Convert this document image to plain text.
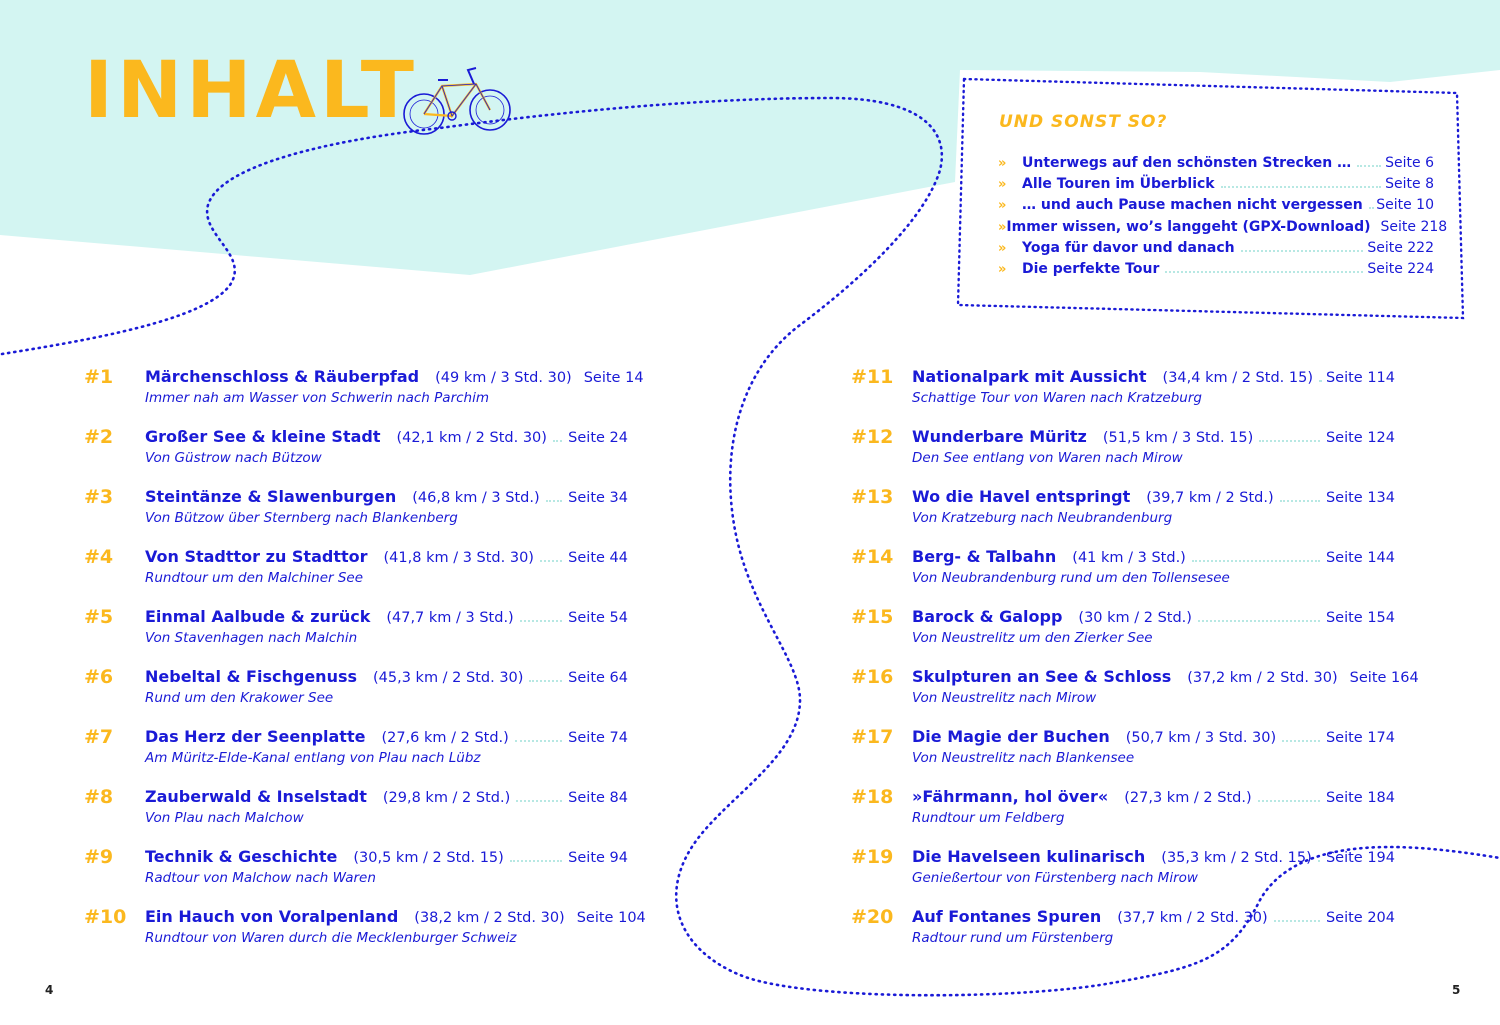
INHALT	UND SONST SO?
»	Unterwegs auf den schönsten Strecken … Seite 6
»	Alle Touren im Überblick	Seite 8
»	… und auch Pause machen nicht vergessen Seite 10
» Immer wissen, wo’s langgeht (GPX-Download) Seite 218
»	Yoga für davor und danach	Seite 222
»	Die perfekte Tour	Seite 224
#1 Märchenschloss & Räuberpfad (49 km / 3 Std. 30) Seite 14
Immer nah am Wasser von Schwerin nach Parchim
#2 Großer See & kleine Stadt (42,1 km / 2 Std. 30) Seite 24
Von Güstrow nach Bützow
#3 Steintänze & Slawenburgen (46,8 km / 3 Std.) Seite 34
Von Bützow über Sternberg nach Blankenberg
#4 Von Stadttor zu Stadttor (41,8 km / 3 Std. 30) Seite 44
Rundtour um den Malchiner See
#5 Einmal Aalbude & zurück (47,7 km / 3 Std.)	Seite 54
Von Stavenhagen nach Malchin
#6 Nebeltal & Fischgenuss (45,3 km / 2 Std. 30)	Seite 64
Rund um den Krakower See
#7 Das Herz der Seenplatte (27,6 km / 2 Std.)	Seite 74
Am Müritz-Elde-Kanal entlang von Plau nach Lübz
#8 Zauberwald & Inselstadt (29,8 km / 2 Std.)	Seite 84
Von Plau nach Malchow
#9 Technik & Geschichte (30,5 km / 2 Std. 15)	Seite 94
Radtour von Malchow nach Waren
#10 Ein Hauch von Voralpenland (38,2 km / 2 Std. 30) Seite 104
Rundtour von Waren durch die Mecklenburger Schweiz
#11 Nationalpark mit Aussicht (34,4 km / 2 Std. 15) Seite 114
Schattige Tour von Waren nach Kratzeburg
#12 Wunderbare Müritz (51,5 km / 3 Std. 15)	Seite 124
Den See entlang von Waren nach Mirow
#13 Wo die Havel entspringt (39,7 km / 2 Std.)	Seite 134
Von Kratzeburg nach Neubrandenburg
#14 Berg- & Talbahn (41 km / 3 Std.)	Seite 144
Von Neubrandenburg rund um den Tollensesee
#15 Barock & Galopp (30 km / 2 Std.)	Seite 154
Von Neustrelitz um den Zierker See
#16 Skulpturen an See & Schloss (37,2 km / 2 Std. 30) Seite 164
Von Neustrelitz nach Mirow
#17 Die Magie der Buchen (50,7 km / 3 Std. 30)	Seite 174
Von Neustrelitz nach Blankensee
#18 »Fährmann, hol över« (27,3 km / 2 Std.)	Seite 184
Rundtour um Feldberg
#19 Die Havelseen kulinarisch (35,3 km / 2 Std. 15) Seite 194
Genießertour von Fürstenberg nach Mirow
#20 Auf Fontanes Spuren (37,7 km / 2 Std. 30)	Seite 204
Radtour rund um Fürstenberg
4	5
